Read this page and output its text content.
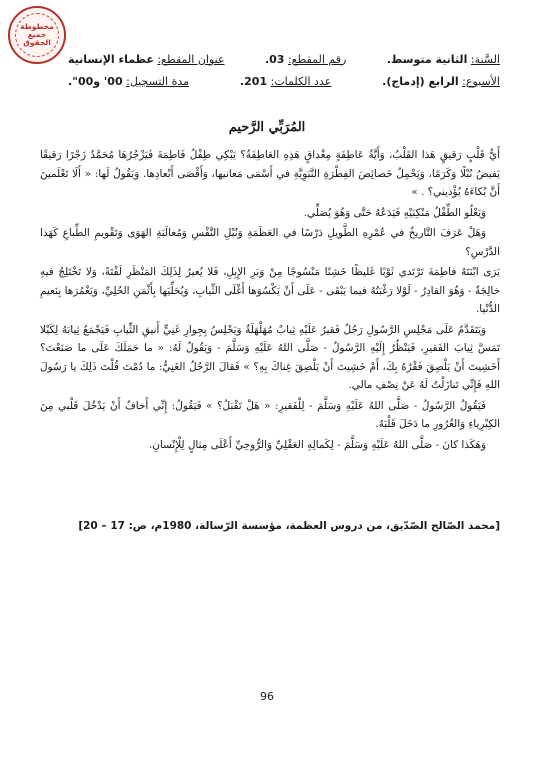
مخطوطة
جميع الحقوق
السَّنة: الثانية متوسط.
رقم المقطع: 03.
عنوان المقطع: عظماء الإنسانية
الأسبوع: الرابع (إدماج).
عدد الكلمات: 201.
مدة التسجيل: 00' و00".
المُرَبِّي الرَّحيم

أَيُّ قَلْبٍ رَقيقٍ هَذا القَلْبُ، وَأَيَّةُ عَاطِفَةٍ مِغْداقٍ هَذِهِ العَاطِفَةُ؟ يَبْكِي طِفْلُ فَاطِمَةَ فَيَزْجُرُهَا مُحَمَّدٌ زَجْرًا رَقيقًا يَفيضُ نُبْلًا وَكَرَمًا، وَيَحْمِلُ خَصائِصَ الفِطْرَةِ النَّبَوِيَّةِ في أَسْمَى مَعانيها، وَأَقْصَى أَبْعادِها. وَيَقُولُ لَها: « أَلَا تَعْلَمينَ أَنَّ بُكاءَهُ يُؤْذيني؟ . »

وَيَعْلُو الطِّفْلُ مَنْكِبَيْهِ فَيَدَعُهُ حَتَّى وَهُوَ يُصَلِّي.

وَهَلْ عَرَفَ التَّاريخُ في عُمْرِهِ الطَّويلِ دَرْسًا في العَظَمَةِ وَنُبْلِ النَّفْسِ وَمُغالَبَةِ الهَوَى وَتَقْويمِ الطِّباعِ كَهَذا الدَّرْسِ؟

يَرَى ابْنَتَهُ فاطِمَةَ تَرْتَدي ثَوْبًا غَليظًا خَشِنًا مَنْسُوجًا مِنْ وَبَرِ الإِبِلِ، فَلا يُعيرُ لِذَلِكَ المَنْظَرِ لَفْتَةً، وَلا تَخْتَلِجُ فيهِ خالِجَةٌ - وَهُوَ القادِرُ - لَوْلا رَغْبَتُهُ فيما يَبْقَى - عَلَى أَنْ يَكْسُوَها أَغْلَى الثِّيابِ، وَيُحَلِّيَها بِأَثْمَنِ الحُلِيِّ، وَيَغْمُرَها بِنَعيمِ الدُّنْيا.

وَيَتَقَدَّمُ عَلَى مَجْلِسِ الرَّسُولِ رَجُلٌ فَقيرٌ عَلَيْهِ ثِيابٌ مُهَلْهَلَةٌ وَيَجْلِسُ بِجِوارِ غَنِيٍّ أَنيقِ الثِّيابِ فَيَجْمَعُ ثِيابَهُ لِكَيْلا تَمَسَّ ثِيابَ الفَقيرِ، فَيَنْظُرُ إِلَيْهِ الرَّسُولُ - صَلَّى اللهُ عَلَيْهِ وَسَلَّمَ - وَيَقُولُ لَهُ: « ما حَمَلَكَ عَلَى ما صَنَعْتَ؟ أَخَشِيتَ أَنْ يَلْصِقَ فَقْرُهُ بِكَ، أَمْ خَشِيتَ أَنْ يَلْصِقَ غِناكَ بِهِ؟ » فَقالَ الرَّجُلُ الغَنِيُّ: ما دُمْتَ قُلْتَ ذَلِكَ يا رَسُولَ اللهِ فَإِنِّي تَنازَلْتُ لَهُ عَنْ نِصْفِ مالي.

فَيَقُولُ الرَّسُولُ - صَلَّى اللهُ عَلَيْهِ وَسَلَّمَ - لِلْفَقيرِ: « هَلْ تَقْبَلُ؟ » فَيَقُولُ: إِنِّي أَخافُ أَنْ يَدْخُلَ قَلْبي مِنَ الكِبْرِياءِ وَالغُرُورِ ما دَخَلَ قَلْبَهُ.

وَهَكَذا كانَ - صَلَّى اللهُ عَلَيْهِ وَسَلَّمَ - لِكَمالِهِ العَقْلِيِّ وَالرُّوحِيِّ أَعْلَى مِثالٍ لِلْإِنْسانِ.

[محمد الصّالح الصّدّيق، من دروس العظمة، مؤسسة الرّسالة، 1980م، ص: 17 – 20]
96
